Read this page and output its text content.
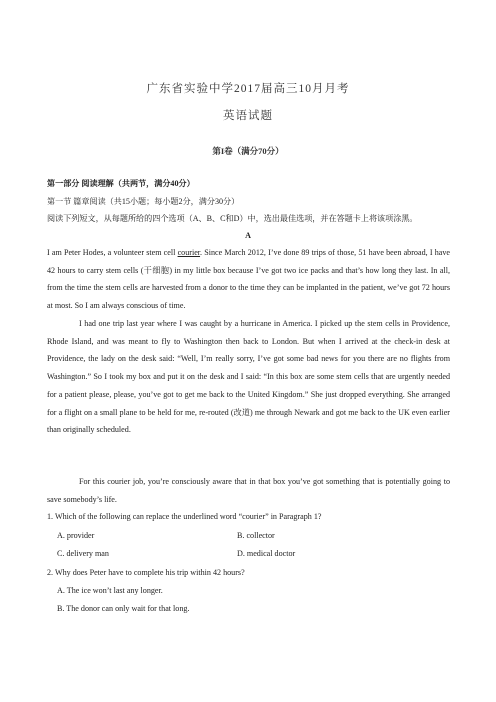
广东省实验中学2017届高三10月月考
英语试题
第I卷（满分70分）
第一部分 阅读理解（共两节，满分40分）
第一节 篇章阅读（共15小题；每小题2分，满分30分）
阅读下列短文，从每题所给的四个选项（A、B、C和D）中，选出最佳选项，并在答题卡上将该项涂黑。
A
I am Peter Hodes, a volunteer stem cell courier. Since March 2012, I’ve done 89 trips of those, 51 have been abroad, I have 42 hours to carry stem cells (干细胞) in my little box because I’ve got two ice packs and that’s how long they last. In all, from the time the stem cells are harvested from a donor to the time they can be implanted in the patient, we’ve got 72 hours at most. So I am always conscious of time.
I had one trip last year where I was caught by a hurricane in America. I picked up the stem cells in Providence, Rhode Island, and was meant to fly to Washington then back to London. But when I arrived at the check-in desk at Providence, the lady on the desk said: “Well, I’m really sorry, I’ve got some bad news for you there are no flights from Washington.” So I took my box and put it on the desk and I said: “In this box are some stem cells that are urgently needed for a patient please, please, you’ve got to get me back to the United Kingdom.” She just dropped everything. She arranged for a flight on a small plane to be held for me, re-routed (改道) me through Newark and got me back to the UK even earlier than originally scheduled.
For this courier job, you’re consciously aware that in that box you’ve got something that is potentially going to save somebody’s life.
1. Which of the following can replace the underlined word “courier” in Paragraph 1?
A. provider	B. collector
C. delivery man	D. medical doctor
2. Why does Peter have to complete his trip within 42 hours?
A. The ice won’t last any longer.
B. The donor can only wait for that long.
